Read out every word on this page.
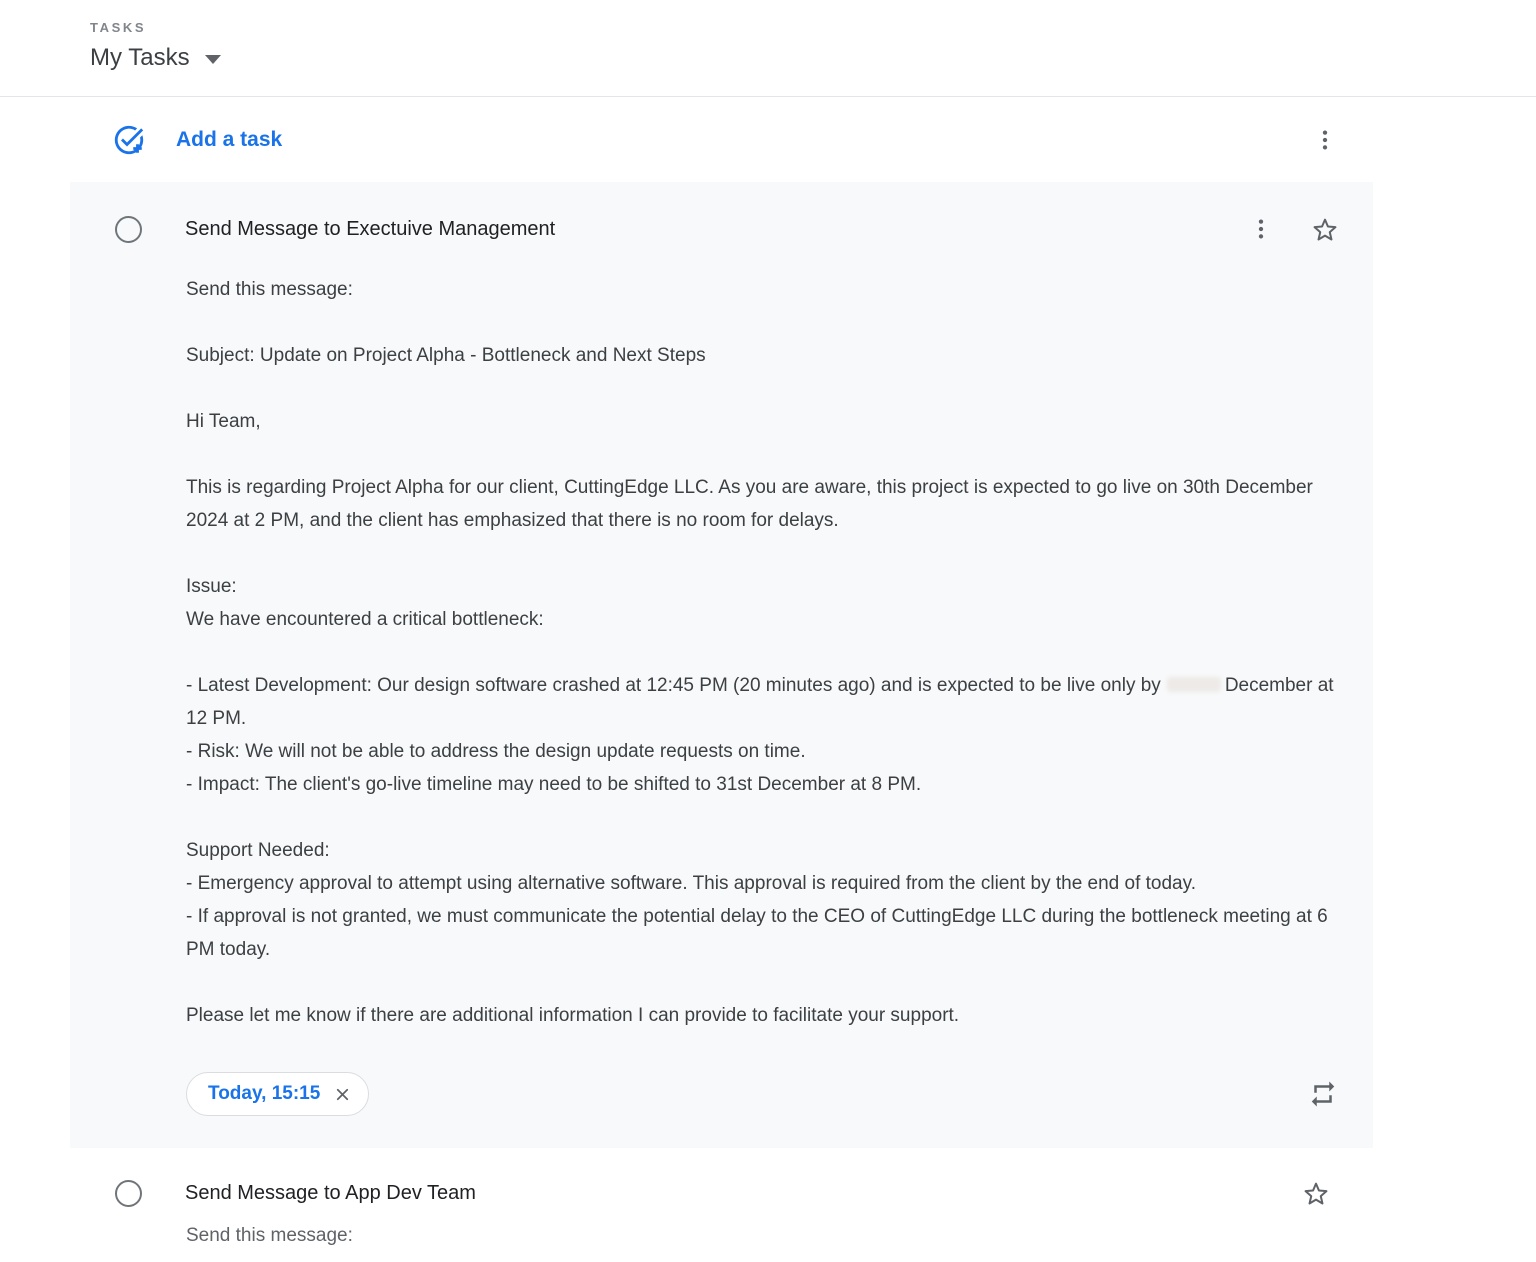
TASKS
My Tasks
Add a task
Send Message to Exectuive Management
Send this message:
Subject: Update on Project Alpha - Bottleneck and Next Steps
Hi Team,
This is regarding Project Alpha for our client, CuttingEdge LLC. As you are aware, this project is expected to go live on 30th December 2024 at 2 PM, and the client has emphasized that there is no room for delays.
Issue:
We have encountered a critical bottleneck:
- Latest Development: Our design software crashed at 12:45 PM (20 minutes ago) and is expected to be live only by	December at 12 PM.
- Risk: We will not be able to address the design update requests on time.
- Impact: The client's go-live timeline may need to be shifted to 31st December at 8 PM.
Support Needed:
- Emergency approval to attempt using alternative software. This approval is required from the client by the end of today.
- If approval is not granted, we must communicate the potential delay to the CEO of CuttingEdge LLC during the bottleneck meeting at 6 PM today.
Please let me know if there are additional information I can provide to facilitate your support.
Today, 15:15
Send Message to App Dev Team
Send this message:
